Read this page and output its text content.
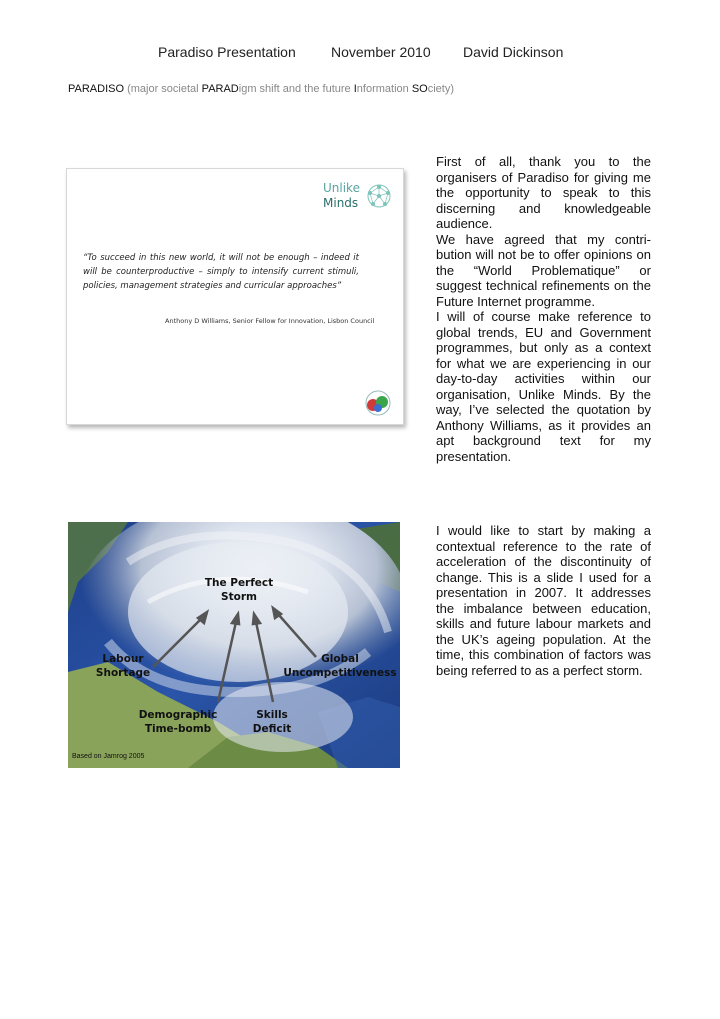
Paradiso Presentation	November 2010 David Dickinson
PARADISO (major societal PARADigm shift and the future Information SOciety)
Unlike
Minds
“To succeed in this new world, it will not be enough – indeed it will be counterproductive – simply to intensify current stimuli, policies, management strategies and curricular approaches”
Anthony D Williams, Senior Fellow for Innovation, Lisbon Council
The Perfect
Storm
Labour
Shortage
Global
Uncompetitiveness
Demographic
Time-bomb
Skills
Deficit
Based on Jamrog 2005

First of all, thank you to the organisers of Paradiso for giving me the opportunity to speak to this discerning and knowledgeable audience.

We have agreed that my contri-bution will not be to offer opinions on the “World Problematique” or suggest technical refinements on the Future Internet programme.

I will of course make reference to global trends, EU and Government programmes, but only as a context for what we are experiencing in our day-to-day activities within our organisation, Unlike Minds. By the way, I’ve selected the quotation by Anthony Williams, as it provides an apt background text for my presentation.

I would like to start by making a contextual reference to the rate of acceleration of the discontinuity of change. This is a slide I used for a presentation in 2007. It addresses the imbalance between education, skills and future labour markets and the UK’s ageing population. At the time, this combination of factors was being referred to as a perfect storm.
